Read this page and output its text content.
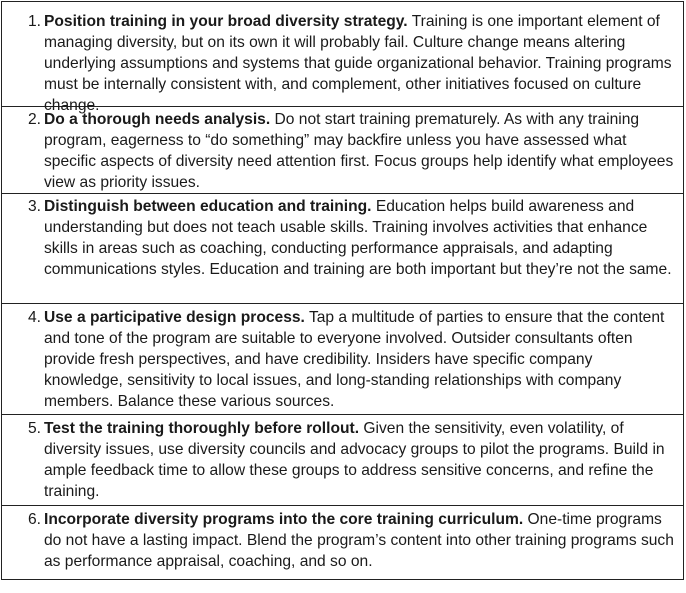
1. Position training in your broad diversity strategy. Training is one important element of managing diversity, but on its own it will probably fail. Culture change means altering underlying assumptions and systems that guide organizational behavior. Training programs must be internally consistent with, and complement, other initiatives focused on culture change.
2. Do a thorough needs analysis. Do not start training prematurely. As with any training program, eagerness to “do something” may backfire unless you have assessed what specific aspects of diversity need attention first. Focus groups help identify what employees view as priority issues.
3. Distinguish between education and training. Education helps build awareness and understanding but does not teach usable skills. Training involves activities that enhance skills in areas such as coaching, conducting performance appraisals, and adapting communications styles. Education and training are both important but they’re not the same.
4. Use a participative design process. Tap a multitude of parties to ensure that the content and tone of the program are suitable to everyone involved. Outsider consultants often provide fresh perspectives, and have credibility. Insiders have specific company knowledge, sensitivity to local issues, and long-standing relationships with company members. Balance these various sources.
5. Test the training thoroughly before rollout. Given the sensitivity, even volatility, of diversity issues, use diversity councils and advocacy groups to pilot the programs. Build in ample feedback time to allow these groups to address sensitive concerns, and refine the training.
6. Incorporate diversity programs into the core training curriculum. One-time programs do not have a lasting impact. Blend the program’s content into other training programs such as performance appraisal, coaching, and so on.
